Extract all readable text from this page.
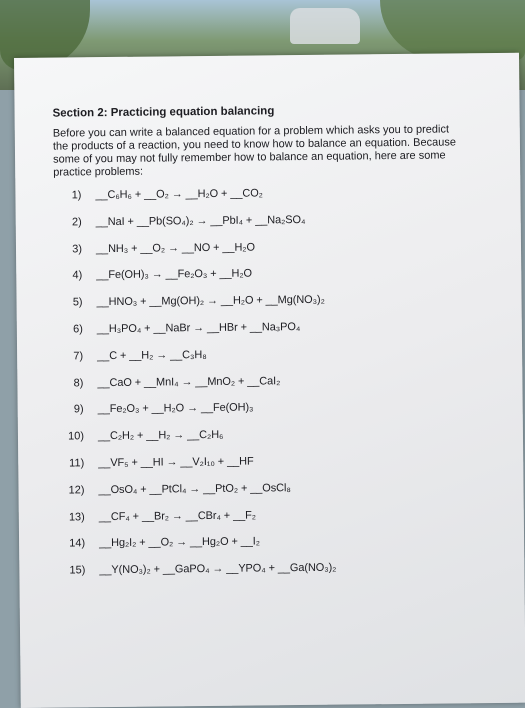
Section 2: Practicing equation balancing
Before you can write a balanced equation for a problem which asks you to predict the products of a reaction, you need to know how to balance an equation. Because some of you may not fully remember how to balance an equation, here are some practice problems:
1) __C₆H₆ + __O₂ → __H₂O + __CO₂
2) __NaI + __Pb(SO₄)₂ → __PbI₄ + __Na₂SO₄
3) __NH₃ + __O₂ → __NO + __H₂O
4) __Fe(OH)₃ → __Fe₂O₃ + __H₂O
5) __HNO₃ + __Mg(OH)₂ → __H₂O + __Mg(NO₃)₂
6) __H₃PO₄ + __NaBr → __HBr + __Na₃PO₄
7) __C + __H₂ → __C₃H₈
8) __CaO + __MnI₄ → __MnO₂ + __CaI₂
9) __Fe₂O₃ + __H₂O → __Fe(OH)₃
10) __C₂H₂ + __H₂ → __C₂H₆
11) __VF₅ + __HI → __V₂I₁₀ + __HF
12) __OsO₄ + __PtCl₄ → __PtO₂ + __OsCl₈
13) __CF₄ + __Br₂ → __CBr₄ + __F₂
14) __Hg₂I₂ + __O₂ → __Hg₂O + __I₂
15) __Y(NO₃)₂ + __GaPO₄ → __YPO₄ + __Ga(NO₃)₂
